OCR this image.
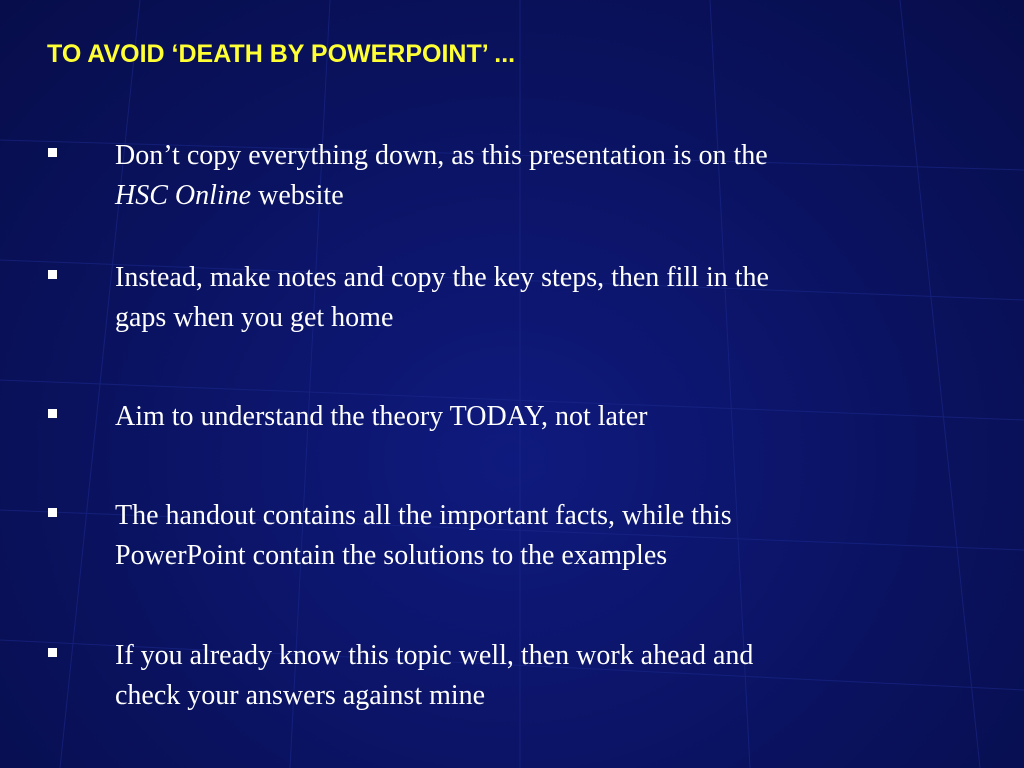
TO AVOID ‘DEATH BY POWERPOINT’ ...
Don’t copy everything down, as this presentation is on the
HSC Online website
Instead, make notes and copy the key steps, then fill in the
gaps when you get home
Aim to understand the theory TODAY, not later
The handout contains all the important facts, while this
PowerPoint contain the solutions to the examples
If you already know this topic well, then work ahead and
check your answers against mine
